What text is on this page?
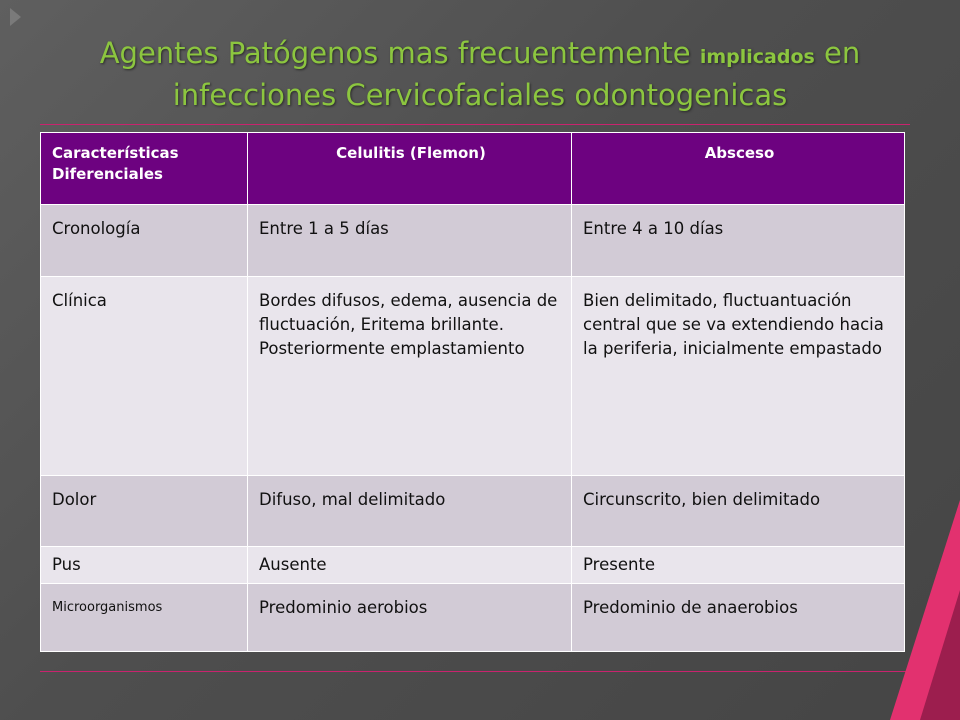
Agentes Patógenos mas frecuentemente implicados en infecciones Cervicofaciales odontogenicas
Características Diferenciales	Celulitis (Flemon)	Absceso
Cronología	Entre 1 a 5 días	Entre 4 a 10 días
Clínica	Bordes difusos, edema, ausencia de fluctuación, Eritema brillante. Posteriormente emplastamiento	Bien delimitado, fluctuantuación central que se va extendiendo hacia la periferia, inicialmente empastado
Dolor	Difuso, mal delimitado	Circunscrito, bien delimitado
Pus	Ausente	Presente
Microorganismos	Predominio aerobios	Predominio de anaerobios
